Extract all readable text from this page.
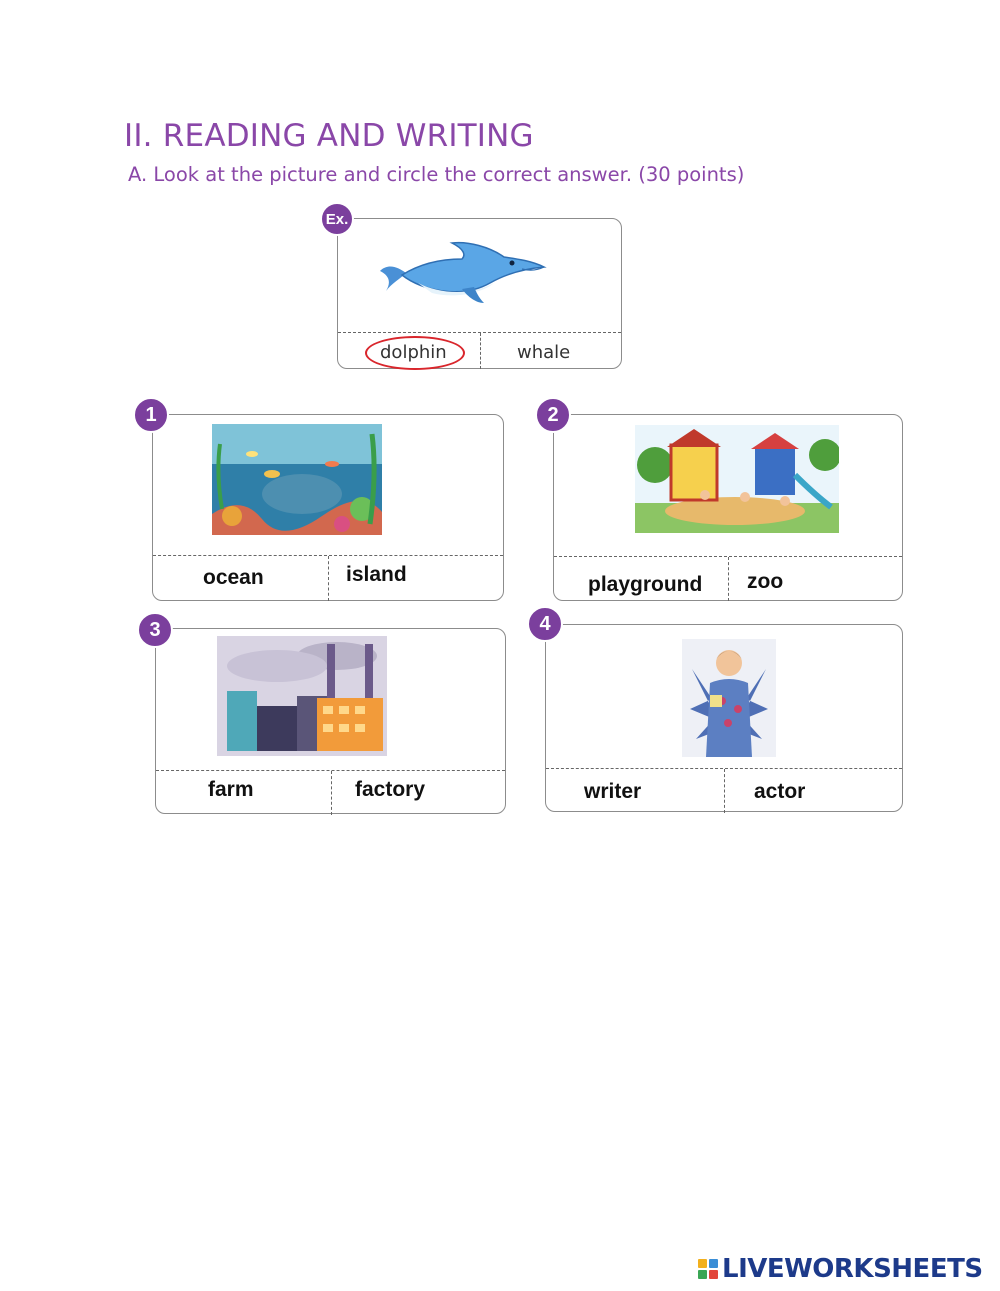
II. READING AND WRITING

A. Look at the picture and circle the correct answer. (30 points)

dolphin	whale
Ex.
ocean	island
1
playground zoo
2
farm	factory
3
writer	actor
4
LIVEWORKSHEETS
